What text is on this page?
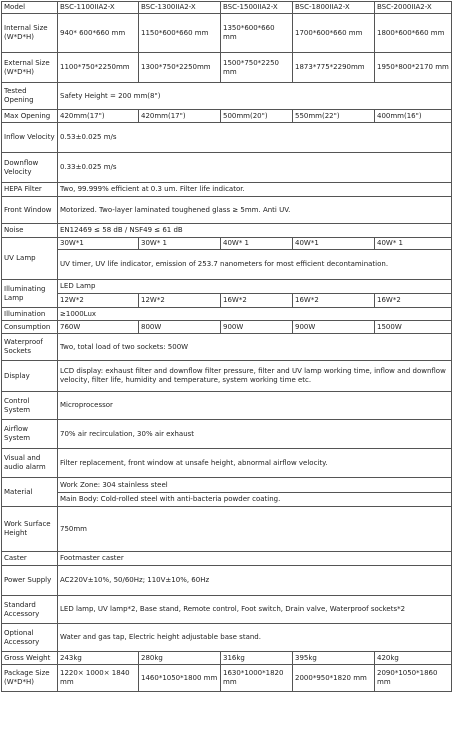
Model	BSC-1100IIA2-X	BSC-1300IIA2-X	BSC-1500IIA2-X	BSC-1800IIA2-X	BSC-2000IIA2-X
Internal Size (W*D*H)	940* 600*660 mm	1150*600*660 mm	1350*600*660 mm	1700*600*660 mm	1800*600*660 mm
External Size (W*D*H)	1100*750*2250mm	1300*750*2250mm	1500*750*2250 mm	1873*775*2290mm	1950*800*2170 mm
Tested Opening	Safety Height = 200 mm(8")				
Max Opening	420mm(17")	420mm(17")	500mm(20")	550mm(22")	400mm(16")
Inflow Velocity	0.53±0.025 m/s				
Downflow Velocity	0.33±0.025 m/s				
HEPA Filter	Two, 99.999% efficient at 0.3 um. Filter life indicator.				
Front Window	Motorized. Two-layer laminated toughened glass ≥ 5mm. Anti UV.				
Noise	EN12469 ≤ 58 dB / NSF49 ≤ 61 dB				
UV Lamp	30W*1	30W* 1	40W* 1	40W*1	40W* 1
	UV timer, UV life indicator, emission of 253.7 nanometers for most efficient decontamination.				
Illuminating Lamp	LED Lamp				
	12W*2	12W*2	16W*2	16W*2	16W*2
Illumination	≥1000Lux				
Consumption	760W	800W	900W	900W	1500W
Waterproof Sockets	Two, total load of two sockets: 500W				
Display	LCD display: exhaust filter and downflow filter pressure, filter and UV lamp working time, inflow and downflow velocity, filter life, humidity and temperature, system working time etc.				
Control System	Microprocessor				
Airflow System	70% air recirculation, 30% air exhaust				
Visual and audio alarm	Filter replacement, front window at unsafe height, abnormal airflow velocity.				
Material	Work Zone: 304 stainless steel				
	Main Body: Cold-rolled steel with anti-bacteria powder coating.				
Work Surface Height	750mm				
Caster	Footmaster caster				
Power Supply	AC220V±10%, 50/60Hz; 110V±10%, 60Hz				
Standard Accessory	LED lamp, UV lamp*2, Base stand, Remote control, Foot switch, Drain valve, Waterproof sockets*2				
Optional Accessory	Water and gas tap, Electric height adjustable base stand.				
Gross Weight	243kg	280kg	316kg	395kg	420kg
Package Size (W*D*H)	1220× 1000× 1840 mm	1460*1050*1800 mm	1630*1000*1820 mm	2000*950*1820 mm	2090*1050*1860 mm
